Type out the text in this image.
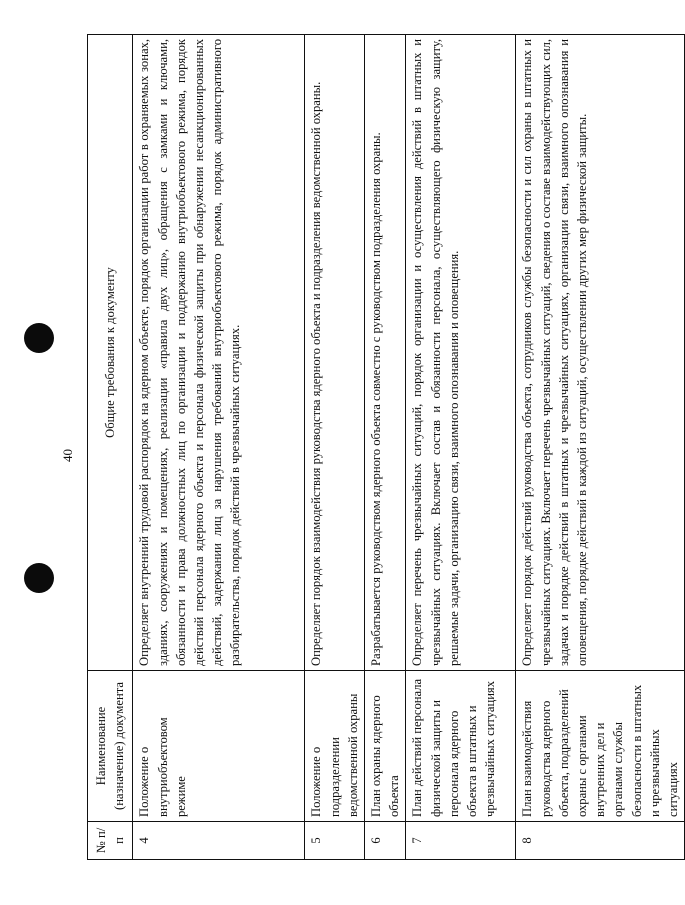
40
№ п/п	Наименование (назначение) документа	Общие требования к документу
4	Положение о внутриобъектовом режиме	Определяет внутренний трудовой распорядок на ядерном объекте, порядок организации работ в охраняемых зонах, зданиях, сооружениях и помещениях, реализации «правила двух лиц», обращения с замками и ключами, обязанности и права должностных лиц по организации и поддержанию внутриобъектового режима, порядок действий персонала ядерного объекта и персонала физической защиты при обнаружении несанкционированных действий, задержании лиц за нарушения требований внутриобъектового режима, порядок административного разбирательства, порядок действий в чрезвычайных ситуациях.
5	Положение о подразделении ведомственной охраны	Определяет порядок взаимодействия руководства ядерного объекта и подразделения ведомственной охраны.
6	План охраны ядерного объекта	Разрабатывается руководством ядерного объекта совместно с руководством подразделения охраны.
7	План действий персонала физической защиты и персонала ядерного объекта в штатных и чрезвычайных ситуациях	Определяет перечень чрезвычайных ситуаций, порядок организации и осуществления действий в штатных и чрезвычайных ситуациях. Включает состав и обязанности персонала, осуществляющего физическую защиту, решаемые задачи, организацию связи, взаимного опознавания и оповещения.
8	План взаимодействия руководства ядерного объекта, подразделений охраны с органами внутренних дел и органами службы безопасности в штатных и чрезвычайных ситуациях	Определяет порядок действий руководства объекта, сотрудников службы безопасности и сил охраны в штатных и чрезвычайных ситуациях. Включает перечень чрезвычайных ситуаций, сведения о составе взаимодействующих сил, задачах и порядке действий в штатных и чрезвычайных ситуациях, организации связи, взаимного опознавания и оповещения, порядке действий в каждой из ситуаций, осуществлении других мер физической защиты.
